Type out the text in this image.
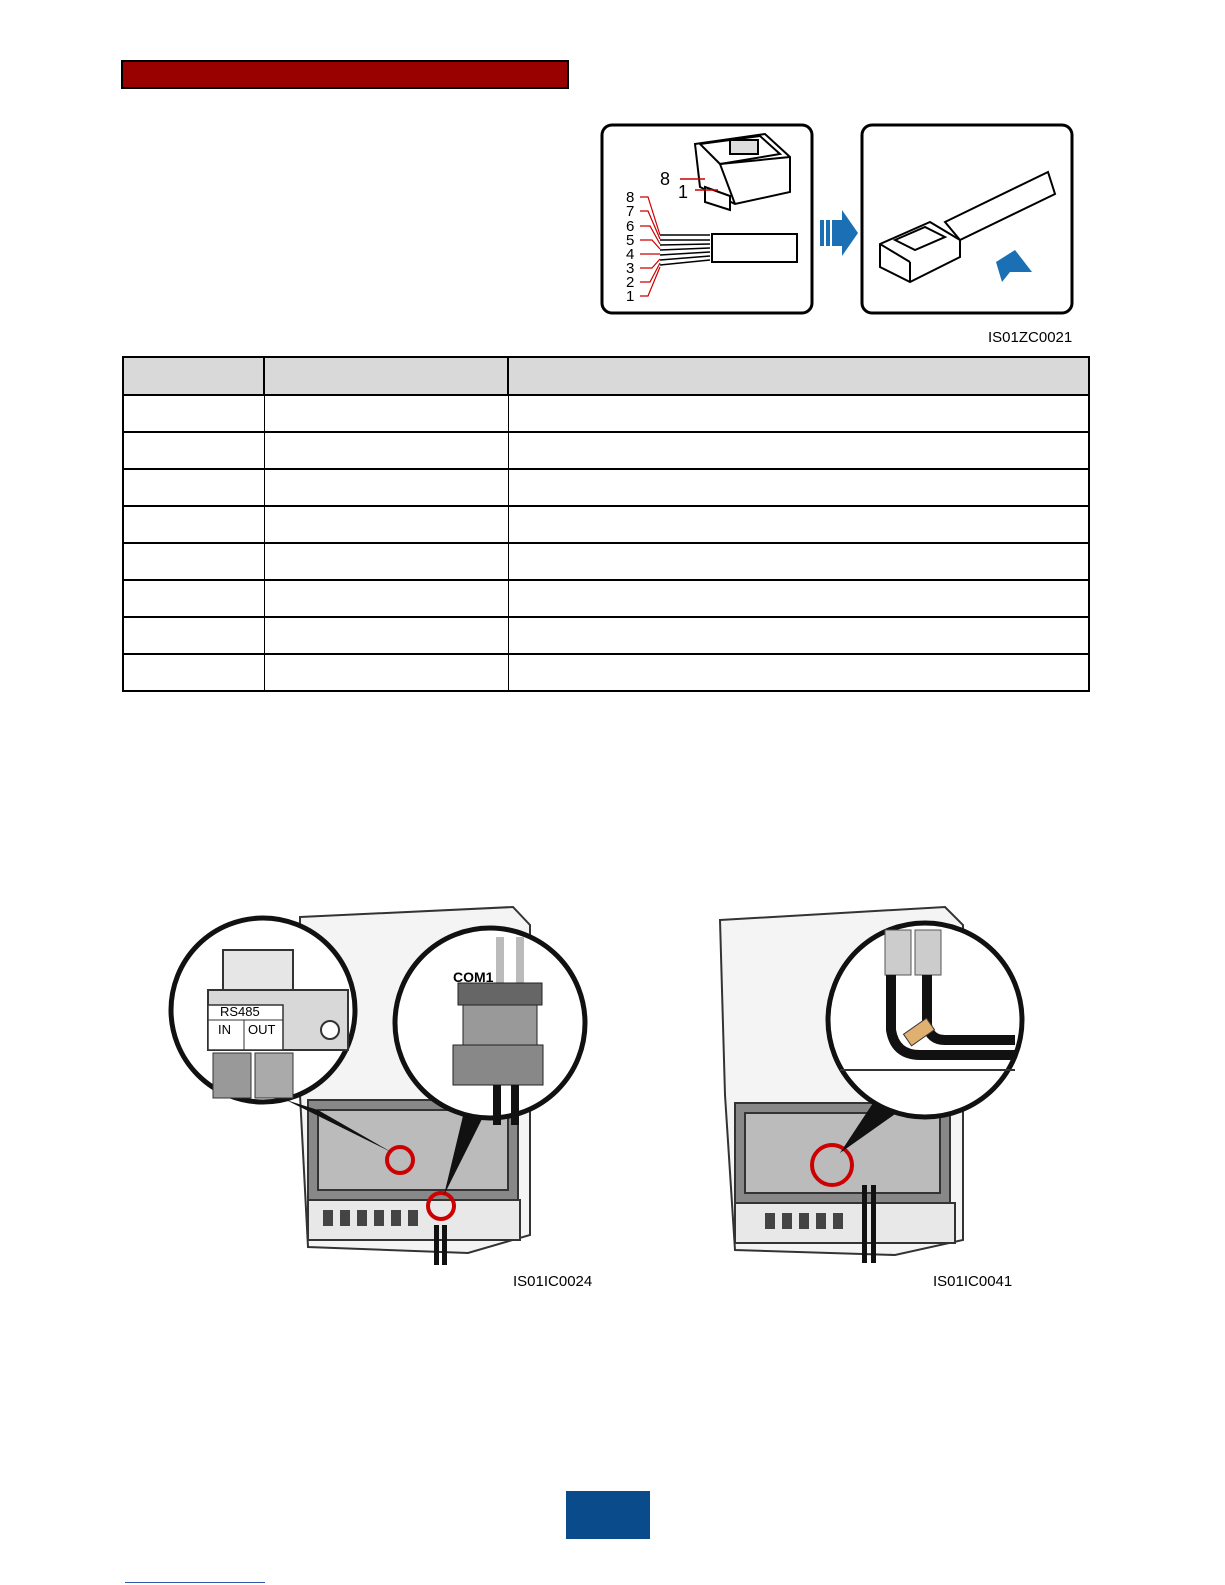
8
1
8
7
6
5
4
3
2
1
IS01ZC0021

RS485
IN OUT
COM1
IS01IC0024	IS01IC0041
